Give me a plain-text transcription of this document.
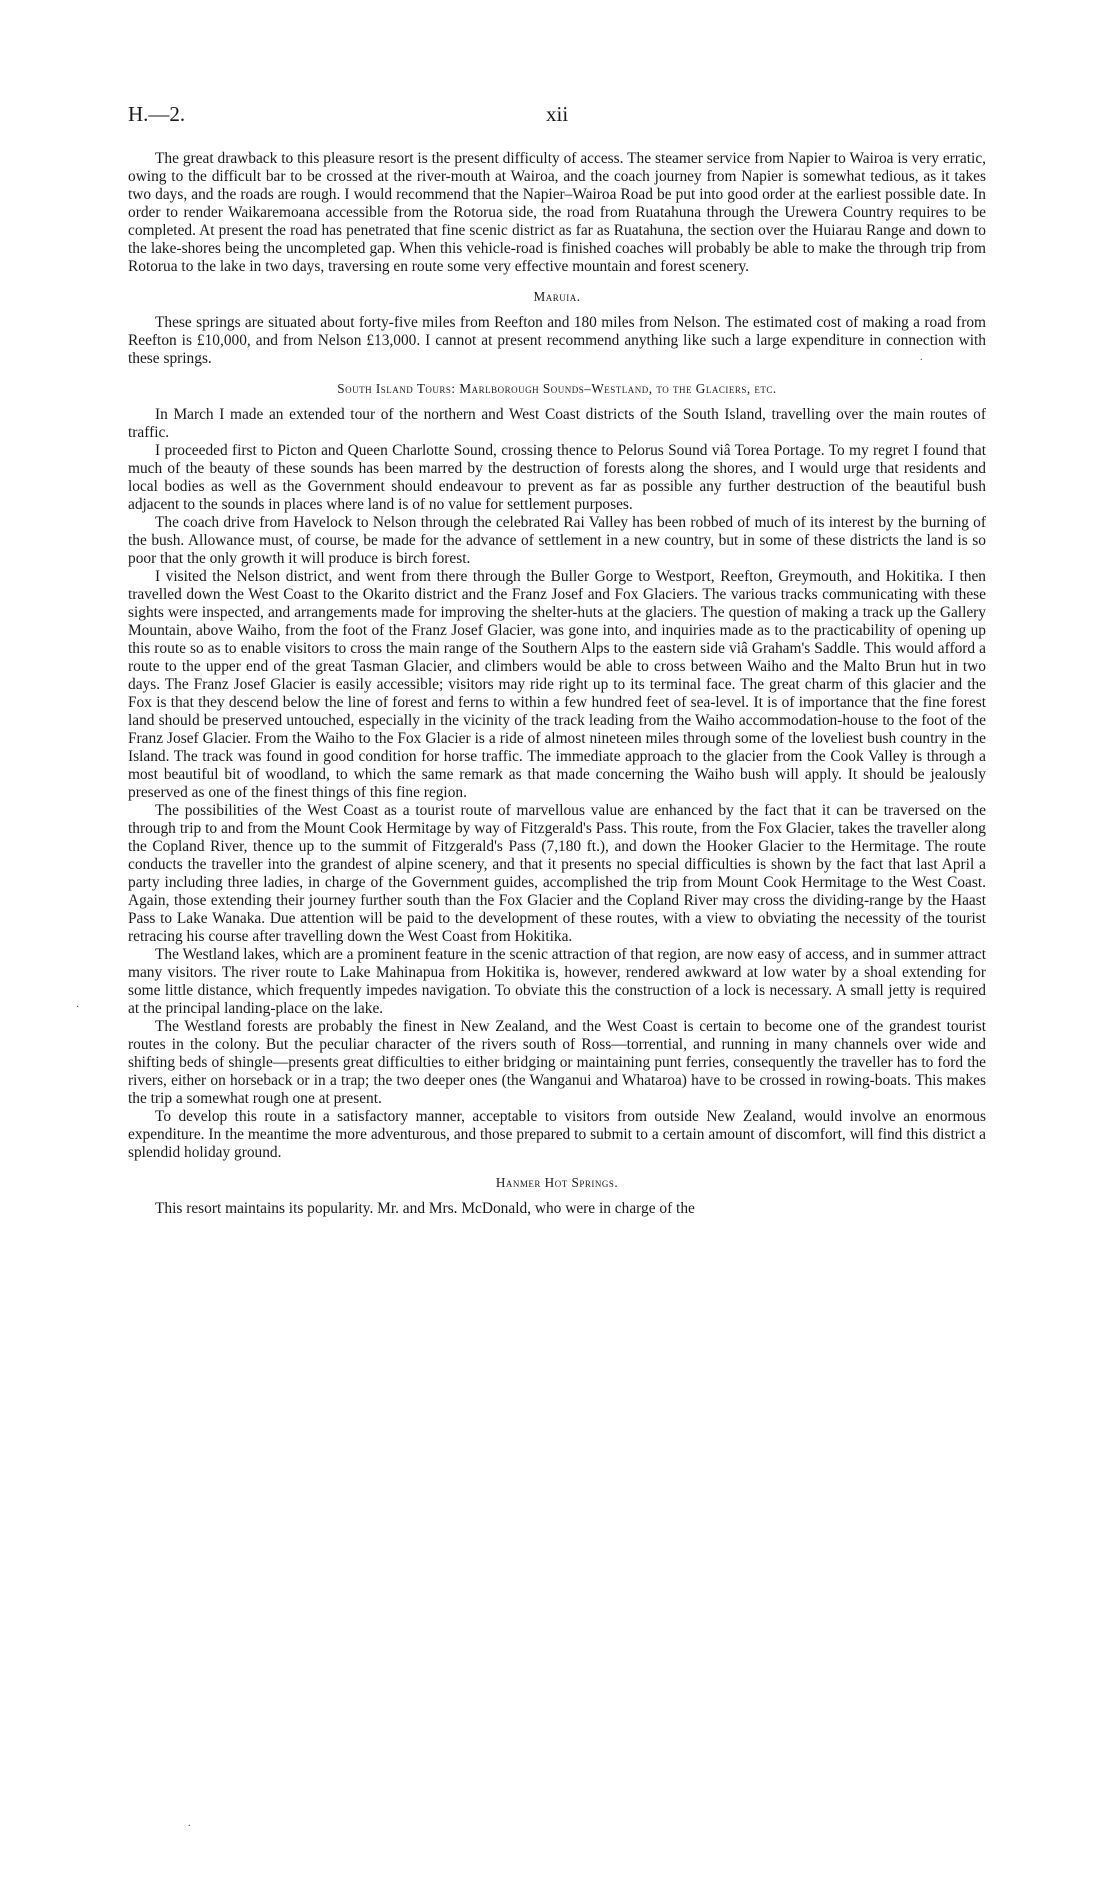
H.—2.	xii

The great drawback to this pleasure resort is the present difficulty of access. The steamer service from Napier to Wairoa is very erratic, owing to the difficult bar to be crossed at the river-mouth at Wairoa, and the coach journey from Napier is somewhat tedious, as it takes two days, and the roads are rough. I would recommend that the Napier–Wairoa Road be put into good order at the earliest possible date. In order to render Waikaremoana accessible from the Rotorua side, the road from Ruatahuna through the Urewera Country requires to be completed. At present the road has penetrated that fine scenic district as far as Ruatahuna, the section over the Huiarau Range and down to the lake-shores being the uncompleted gap. When this vehicle-road is finished coaches will probably be able to make the through trip from Rotorua to the lake in two days, traversing en route some very effective mountain and forest scenery.

Maruia.

These springs are situated about forty-five miles from Reefton and 180 miles from Nelson. The estimated cost of making a road from Reefton is £10,000, and from Nelson £13,000. I cannot at present recommend anything like such a large expenditure in connection with these springs.

South Island Tours: Marlborough Sounds–Westland, to the Glaciers, etc.

In March I made an extended tour of the northern and West Coast districts of the South Island, travelling over the main routes of traffic.

I proceeded first to Picton and Queen Charlotte Sound, crossing thence to Pelorus Sound viâ Torea Portage. To my regret I found that much of the beauty of these sounds has been marred by the destruction of forests along the shores, and I would urge that residents and local bodies as well as the Government should endeavour to prevent as far as possible any further destruction of the beautiful bush adjacent to the sounds in places where land is of no value for settlement purposes.

The coach drive from Havelock to Nelson through the celebrated Rai Valley has been robbed of much of its interest by the burning of the bush. Allowance must, of course, be made for the advance of settlement in a new country, but in some of these districts the land is so poor that the only growth it will produce is birch forest.

I visited the Nelson district, and went from there through the Buller Gorge to Westport, Reefton, Greymouth, and Hokitika. I then travelled down the West Coast to the Okarito district and the Franz Josef and Fox Glaciers. The various tracks communicating with these sights were inspected, and arrangements made for improving the shelter-huts at the glaciers. The question of making a track up the Gallery Mountain, above Waiho, from the foot of the Franz Josef Glacier, was gone into, and inquiries made as to the practicability of opening up this route so as to enable visitors to cross the main range of the Southern Alps to the eastern side viâ Graham's Saddle. This would afford a route to the upper end of the great Tasman Glacier, and climbers would be able to cross between Waiho and the Malto Brun hut in two days. The Franz Josef Glacier is easily accessible; visitors may ride right up to its terminal face. The great charm of this glacier and the Fox is that they descend below the line of forest and ferns to within a few hundred feet of sea-level. It is of importance that the fine forest land should be preserved untouched, especially in the vicinity of the track leading from the Waiho accommodation-house to the foot of the Franz Josef Glacier. From the Waiho to the Fox Glacier is a ride of almost nineteen miles through some of the loveliest bush country in the Island. The track was found in good condition for horse traffic. The immediate approach to the glacier from the Cook Valley is through a most beautiful bit of woodland, to which the same remark as that made concerning the Waiho bush will apply. It should be jealously preserved as one of the finest things of this fine region.

The possibilities of the West Coast as a tourist route of marvellous value are enhanced by the fact that it can be traversed on the through trip to and from the Mount Cook Hermitage by way of Fitzgerald's Pass. This route, from the Fox Glacier, takes the traveller along the Copland River, thence up to the summit of Fitzgerald's Pass (7,180 ft.), and down the Hooker Glacier to the Hermitage. The route conducts the traveller into the grandest of alpine scenery, and that it presents no special difficulties is shown by the fact that last April a party including three ladies, in charge of the Government guides, accomplished the trip from Mount Cook Hermitage to the West Coast. Again, those extending their journey further south than the Fox Glacier and the Copland River may cross the dividing-range by the Haast Pass to Lake Wanaka. Due attention will be paid to the development of these routes, with a view to obviating the necessity of the tourist retracing his course after travelling down the West Coast from Hokitika.

The Westland lakes, which are a prominent feature in the scenic attraction of that region, are now easy of access, and in summer attract many visitors. The river route to Lake Mahinapua from Hokitika is, however, rendered awkward at low water by a shoal extending for some little distance, which frequently impedes navigation. To obviate this the construction of a lock is necessary. A small jetty is required at the principal landing-place on the lake.

The Westland forests are probably the finest in New Zealand, and the West Coast is certain to become one of the grandest tourist routes in the colony. But the peculiar character of the rivers south of Ross—torrential, and running in many channels over wide and shifting beds of shingle—presents great difficulties to either bridging or maintaining punt ferries, consequently the traveller has to ford the rivers, either on horseback or in a trap; the two deeper ones (the Wanganui and Whataroa) have to be crossed in rowing-boats. This makes the trip a somewhat rough one at present.

To develop this route in a satisfactory manner, acceptable to visitors from outside New Zealand, would involve an enormous expenditure. In the meantime the more adventurous, and those prepared to submit to a certain amount of discomfort, will find this district a splendid holiday ground.

Hanmer Hot Springs.

This resort maintains its popularity. Mr. and Mrs. McDonald, who were in charge of the

.
·
.
